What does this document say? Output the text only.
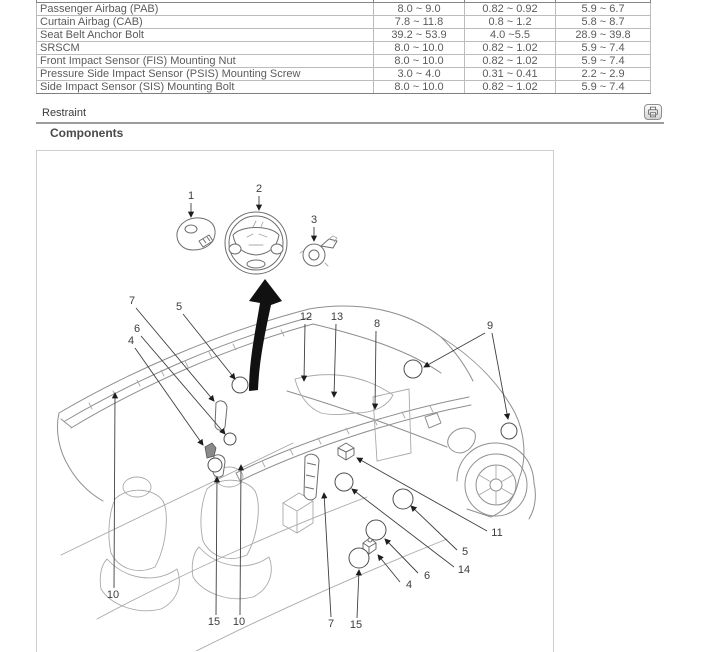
Passenger Airbag (PAB)	8.0 ~ 9.0	0.82 ~ 0.92	5.9 ~ 6.7
Curtain Airbag (CAB)	7.8 ~ 11.8	0.8 ~ 1.2	5.8 ~ 8.7
Seat Belt Anchor Bolt	39.2 ~ 53.9	4.0 ~5.5	28.9 ~ 39.8
SRSCM	8.0 ~ 10.0	0.82 ~ 1.02	5.9 ~ 7.4
Front Impact Sensor (FIS) Mounting Nut	8.0 ~ 10.0	0.82 ~ 1.02	5.9 ~ 7.4
Pressure Side Impact Sensor (PSIS) Mounting Screw	3.0 ~ 4.0	0.31 ~ 0.41	2.2 ~ 2.9
Side Impact Sensor (SIS) Mounting Bolt	8.0 ~ 10.0	0.82 ~ 1.02	5.9 ~ 7.4
Restraint
Components
1
2
3
7	5
6
4
12 13
8	9
11
5
14
6
4
10
15 10	7 15
